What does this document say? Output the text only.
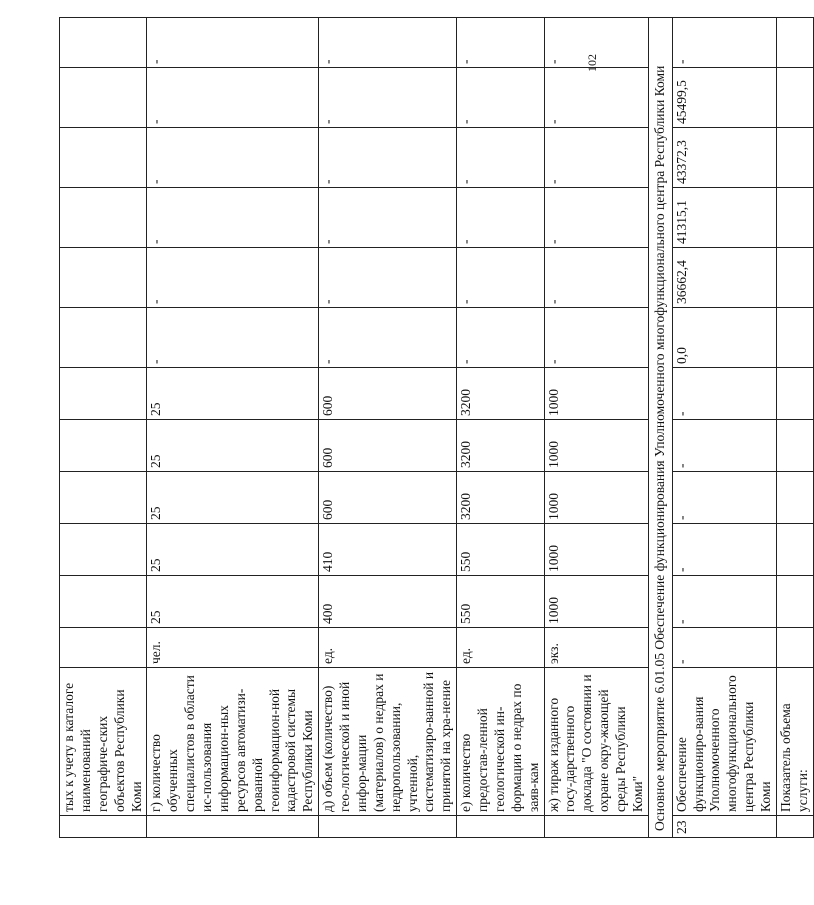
102
	тых к учету в каталоге наименований географиче-ских объектов Республики Коми												
	г) количество обученных специалистов в области ис-пользования информацион-ных ресурсов автоматизи-рованной геоинформацион-ной кадастровой системы Республики Коми	чел.	25	25	25	25	25	-	-	-	-	-	-
	д) объем (количество) гео-логической и иной инфор-мации (материалов) о недрах и недропользовании, учтенной, систематизиро-ванной и принятой на хра-нение	ед.	400	410	600	600	600	-	-	-	-	-	-
	е) количество предостав-ленной геологической ин-формации о недрах по заяв-кам	ед.	550	550	3200	3200	3200	-	-	-	-	-	-
	ж) тираж изданного госу-дарственного доклада "О состоянии и охране окру-жающей среды Республики Коми"	экз.	1000	1000	1000	1000	1000	-	-	-	-	-	-
Основное мероприятие 6.01.05 Обеспечение функционирования Уполномоченного многофункционального центра Республики Коми													
23	Обеспечение функциониро-вания Уполномоченного многофункционального центра Республики Коми	-	-	-	-	-	-	0,0	36662,4	41315,1	43372,3	45499,5	-
	Показатель объема услуги:												
